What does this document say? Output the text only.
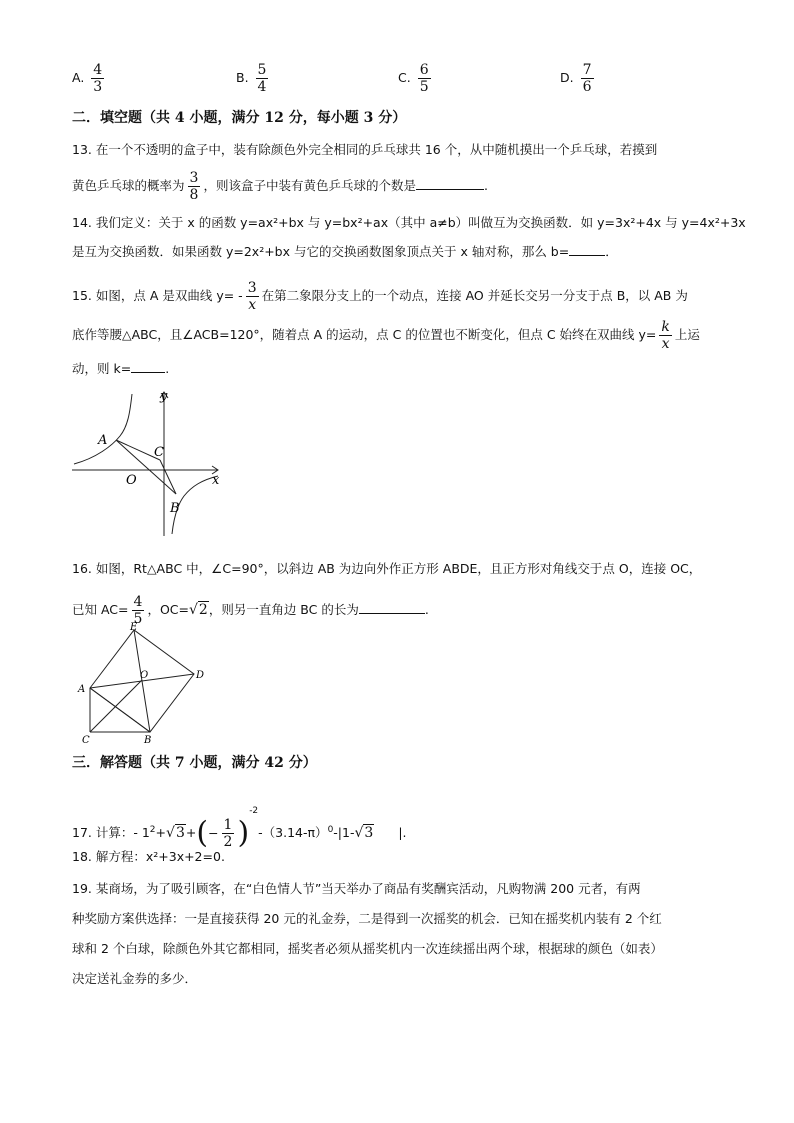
A. $\frac{4}{3}$	B. $\frac{5}{4}$	C. $\frac{6}{5}$	D. $\frac{7}{6}$
二．填空题（共 4 小题，满分 12 分，每小题 3 分）
13. 在一个不透明的盒子中，装有除颜色外完全相同的乒乓球共 16 个，从中随机摸出一个乒乓球，若摸到
黄色乒乓球的概率为 $\frac{3}{8}$ ，则该盒子中装有黄色乒乓球的个数是	.
14. 我们定义：关于 x 的函数 y=ax²+bx 与 y=bx²+ax（其中 a≠b）叫做互为交换函数．如 y=3x²+4x 与 y=4x²+3x
是互为交换函数．如果函数 y=2x²+bx 与它的交换函数图象顶点关于 x 轴对称，那么 b=	．
15. 如图，点 A 是双曲线 $y= - \frac{3}{x}$ 在第二象限分支上的一个动点，连接 AO 并延长交另一分支于点 B，以 AB 为
底作等腰△ABC，且∠ACB=120°，随着点 A 的运动，点 C 的位置也不断变化，但点 C 始终在双曲线 $y= \frac{k}{x}$ 上运
动，则 k=	.
y
x
A
C
O
B
16. 如图，Rt△ABC 中，∠C=90°，以斜边 AB 为边向外作正方形 ABDE，且正方形对角线交于点 O，连接 OC，
已知 $AC= \frac{4}{5}$ ，OC=√2，则另一直角边 BC 的长为	.
E
A
O	D
C	B
三．解答题（共 7 小题，满分 42 分）
17. 计算：- $1^2+√3+(- \frac{1}{2} )^{-2}-(3.14-\pi)^0-|1-√3$ |.
18. 解方程：x²+3x+2=0.
19. 某商场，为了吸引顾客，在“白色情人节”当天举办了商品有奖酬宾活动，凡购物满 200 元者，有两
种奖励方案供选择：一是直接获得 20 元的礼金券，二是得到一次摇奖的机会．已知在摇奖机内装有 2 个红
球和 2 个白球，除颜色外其它都相同，摇奖者必须从摇奖机内一次连续摇出两个球，根据球的颜色（如表）
决定送礼金券的多少．
